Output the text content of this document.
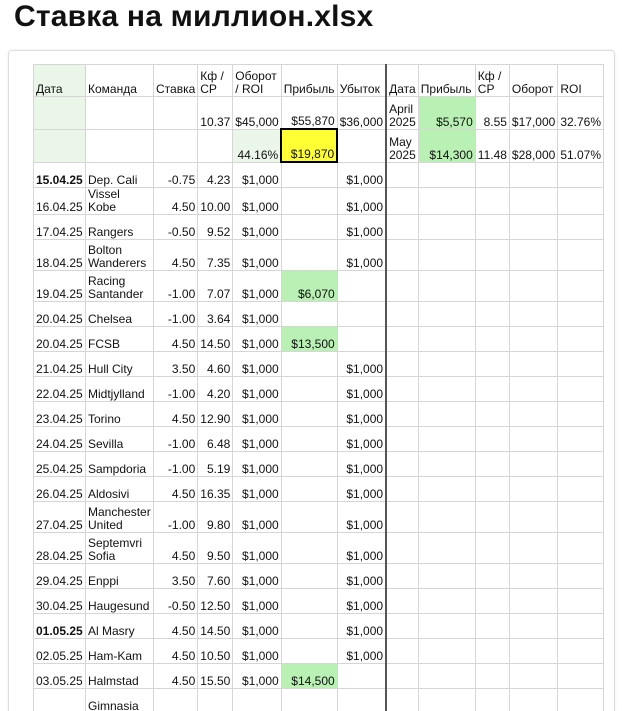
Ставка на миллион.xlsx
Дата	Команда	Ставка	Кф / СР	Оборот / ROI	Прибыль	Убыток	Дата	Прибыль	Кф / СР	Оборот	ROI
			10.37	$45,000	$55,870	$36,000	April 2025	$5,570	8.55	$17,000	32.76%
				44.16%	$19,870		May 2025	$14,300	11.48	$28,000	51.07%
15.04.25	Dep. Cali	-0.75	4.23	$1,000		$1,000					
16.04.25	Vissel Kobe	4.50	10.00	$1,000		$1,000					
17.04.25	Rangers	-0.50	9.52	$1,000		$1,000					
18.04.25	Bolton Wanderers	4.50	7.35	$1,000		$1,000					
19.04.25	Racing Santander	-1.00	7.07	$1,000	$6,070						
20.04.25	Chelsea	-1.00	3.64	$1,000							
20.04.25	FCSB	4.50	14.50	$1,000	$13,500						
21.04.25	Hull City	3.50	4.60	$1,000		$1,000					
22.04.25	Midtjylland	-1.00	4.20	$1,000		$1,000					
23.04.25	Torino	4.50	12.90	$1,000		$1,000					
24.04.25	Sevilla	-1.00	6.48	$1,000		$1,000					
25.04.25	Sampdoria	-1.00	5.19	$1,000		$1,000					
26.04.25	Aldosivi	4.50	16.35	$1,000		$1,000					
27.04.25	Manchester United	-1.00	9.80	$1,000		$1,000					
28.04.25	Septemvri Sofia	4.50	9.50	$1,000		$1,000					
29.04.25	Enppi	3.50	7.60	$1,000		$1,000					
30.04.25	Haugesund	-0.50	12.50	$1,000		$1,000					
01.05.25	Al Masry	4.50	14.50	$1,000		$1,000					
02.05.25	Ham-Kam	4.50	10.50	$1,000		$1,000					
03.05.25	Halmstad	4.50	15.50	$1,000	$14,500						
	Gimnasia										
